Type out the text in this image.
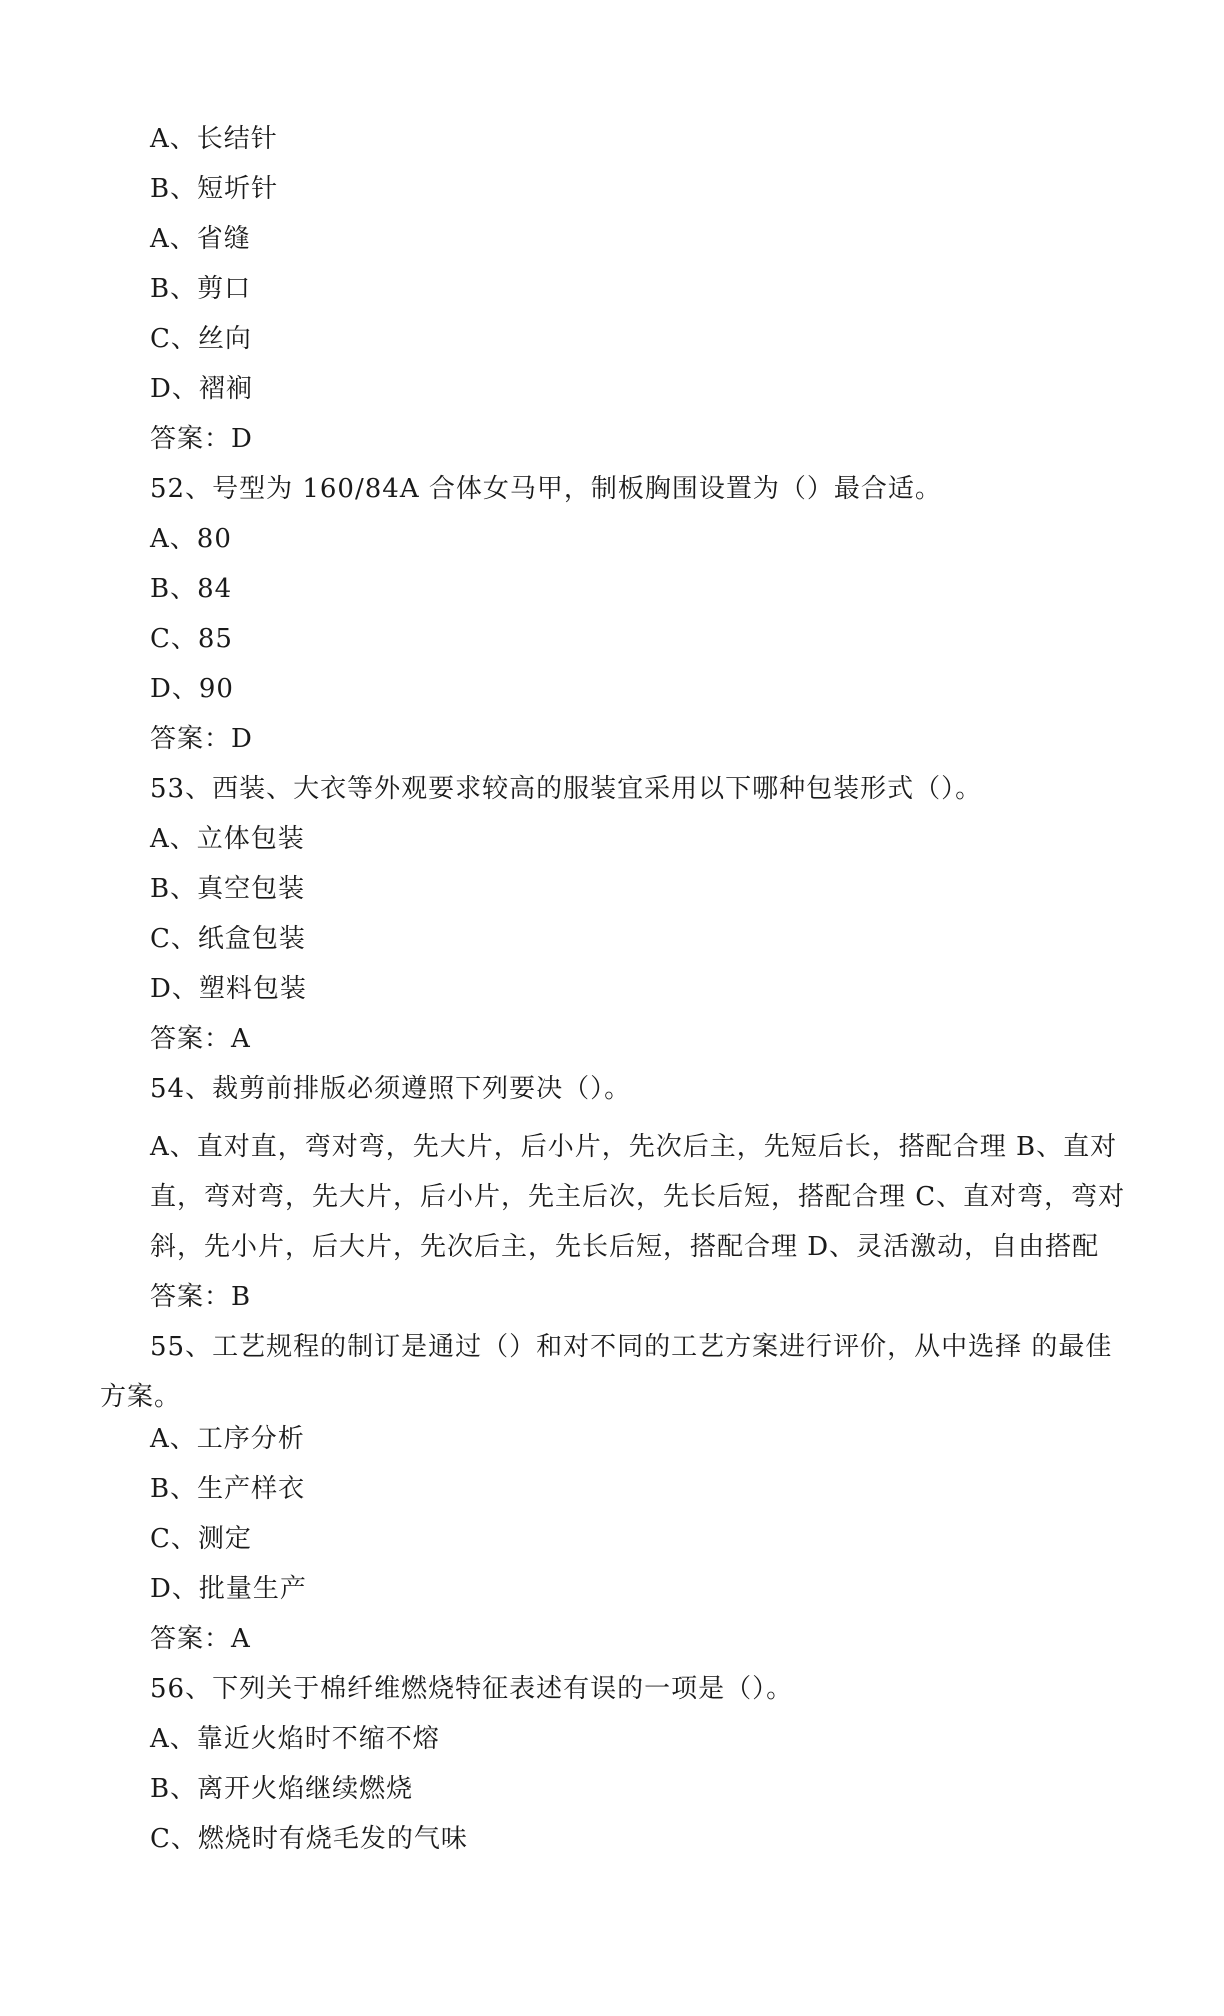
A、长结针
B、短圻针
A、省缝
B、剪口
C、丝向
D、褶裥
答案：D
52、号型为 160/84A 合体女马甲，制板胸围设置为（）最合适。
A、80
B、84
C、85
D、90
答案：D
53、西装、大衣等外观要求较高的服装宜采用以下哪种包装形式（）。
A、立体包装
B、真空包装
C、纸盒包装
D、塑料包装
答案：A
54、裁剪前排版必须遵照下列要决（）。
A、直对直，弯对弯，先大片，后小片，先次后主，先短后长，搭配合理 B、直对直，弯对弯，先大片，后小片，先主后次，先长后短，搭配合理 C、直对弯，弯对斜，先小片，后大片，先次后主，先长后短，搭配合理 D、灵活激动，自由搭配 答案：B
55、工艺规程的制订是通过（）和对不同的工艺方案进行评价，从中选择 的最佳方案。
A、工序分析
B、生产样衣
C、测定
D、批量生产
答案：A
56、下列关于棉纤维燃烧特征表述有误的一项是（）。
A、靠近火焰时不缩不熔
B、离开火焰继续燃烧
C、燃烧时有烧毛发的气味
